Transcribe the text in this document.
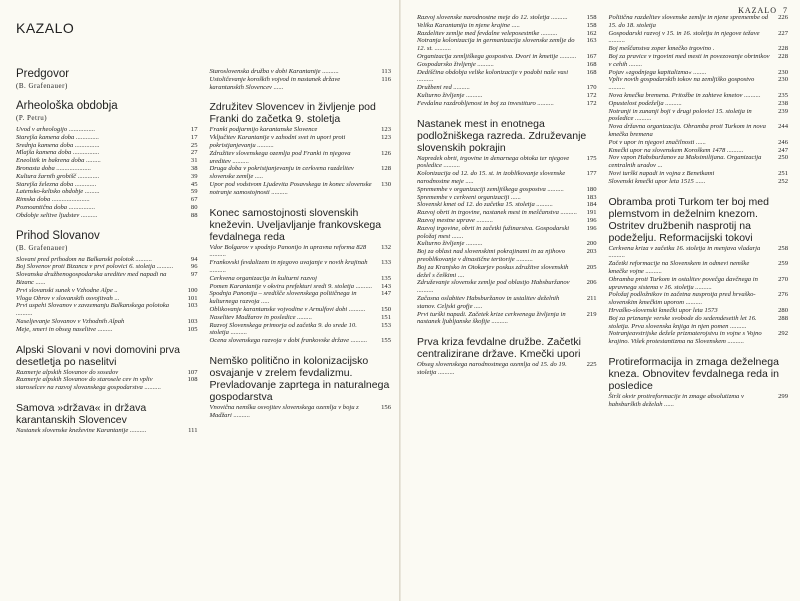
KAZALO
Predgovor
(B. Grafenauer)
Arheološka obdobja
(P. Petru)
Uvod v arheologijo ................	17
Starejša kamena doba ..............	17
Srednja kamena doba ...............	25
Mlajša kamena doba ................	27
Eneolitik in bakrena doba .........	31
Bronasta doba .....................	38
Kultura žarnih grobišč .............	39
Starejša železna doba .............	45
Latensko-keltsko obdobje .........	59
Rimska doba .......................	67
Poznoantična doba ................	80
Obdobje selitve ljudstev ..........	88
Prihod Slovanov
(B. Grafenauer)
Slovani pred prihodom na Balkanski polotok ..........	94
Boj Slovenov proti Bizancu v prvi polovici 6. stoletja ..........	96
Slovanska družbenogospodarska ureditev med napadi na Bizanc ......
97
Prvi slovanski sunek v Vzhodne Alpe ..	100
Vloga Obrov v slovanskih osvojitvah ...	101
Prvi uspehi Slovanov v zavzemanju Balkanskega polotoka ..........
103
Naseljevanje Slovanov v Vzhodnih Alpah	103
Meje, smeri in obseg naselitve .........	105
Alpski Slovani v novi domovini prva desetletja po naselitvi
Razmerje alpskih Slovanov do sosedov	107
Razmerje alpskih Slovanov do starosele cev in vpliv staroselcev na razvoj slovanskega gospodarstva ..........
108
Samova »država« in država karantanskih Slovencev
Nastanek slovenske kneževine Karantanije ..........	111
Staroslovenska družba v dobi Karantanije ..........	113
Ustoličevanje koroških vojvod in nastanek države karantanskih Slovencev ......
116
Združitev Slovencev in življenje pod Franki do začetka 9. stoletja
Franki podjarmijo karantanske Slovence	123
Vključitev Karantanije v zahodni svet in upori proti pokristjanjevanju ..........
123
Združitev slovenskega ozemlja pod Franki in njegova ureditev ..........
126
Druga doba v pokristjanjevanju in cerkvena razdelitev slovenske zemlje .....
128
Upor pod vodstvom Ljudevita Posavskega in konec slovenske notranje samostojnosti ..........
130
Konec samostojnosti slovenskih kneževin. Uveljavljanje frankovskega fevdalnega reda
Vdor Bolgarov v spodnjo Panonijo in upravna reforma 828 ..........
132
Frankovski fevdalizem in njegovo uvajanje v novih krajinah ..........
133
Cerkvena organizacija in kulturni razvoj	135
Pomen Karantanije v okviru prefekturi sredi 9. stoletja ..........	143
Spodnja Panonija – središče slovenskega političnega in kulturnega razvoja .....
147
Oblikovanje karantanske vojvodine v Arnulfovi dobi ..........	150
Naselitev Madžarov in posledice .........	151
Razvoj Slovenskega primorja od začetka 9. do srede 10. stoletja ..........
153
Ocena slovenskega razvoja v dobi frankovske države ..........	155
Nemško politično in kolonizacijsko osvajanje v zrelem fevdalizmu. Prevladovanje zaprtega in naturalnega gospodarstva
Vnovična nemška osvojitev slovenskega ozemlja v boju z Madžari ..........
156
KAZALO 7
Razvoj slovenske narodnostne meje do 12. stoletja ..........	158
Velika Karantanija in njene krajine .....	158
Razdelitev zemlje med fevdalne veleposestnike ..........	162
Notranja kolonizacija in germanizacija slovenske zemlje do 12. st. ..........
163
Organizacija zemljiškega gospostva. Dvori in kmetije ..........	167
Gospodarsko življenje ..........	168
Dediščina obdobja velike kolonizacije v podobi naše vasi ..........
168
Družbeni red ..........	170
Kulturno življenje ..........	172
Fevdalna razdrobljenost in boj za investituro ..........	172
Nastanek mest in enotnega podložniškega razreda. Združevanje slovenskih pokrajin
Napredek obrti, trgovine in denarnega obtoka ter njegove posledice ..........
175
Kolonizacija od 12. do 15. st. in izoblikovanje slovenske narodnostne meje .....
177
Spremembe v organizaciji zemljiškega gospostva ..........	180
Spremembe v cerkveni organizaciji ......	183
Slovenski kmet od 12. do začetka 15. stoletja ..........	184
Razvoj obrti in trgovine, nastanek mest in meščanstva ..........	191
Razvoj mestne uprave ..........	196
Razvoj trgovine, obrti in začetki fužinarstva. Gospodarski položaj mest .......
196
Kulturno življenje ..........	200
Boj za oblast nad slovenskimi pokrajinami in za njihovo preoblikovanje v dinastične teritorije ..........
203
Boj za Kranjsko in Otokarjev poskus združitve slovenskih dežel s češkimi ....
205
Združevanje slovenske zemlje pod oblastjo Habsburžanov ..........
206
Začasna oslabitev Habsburžanov in ustalitev deželnih stanov. Celjski grofje .....
211
Prvi turški napadi. Začetek krize cerkvenega življenja in nastanek ljubljanske škofije ..........
219
Prva kriza fevdalne družbe. Začetki centralizirane države. Kmečki upori
Obseg slovenskega narodnostnega ozemlja od 15. do 19. stoletja ..........
225
Politična razdelitev slovenske zemlje in njene spremembe od 15. do 18. stoletja
226
Gospodarski razvoj v 15. in 16. stoletju in njegove težave ..........
227
Boj meščanstva zoper kmečko trgovino .	228
Boj za pravice v trgovini med mesti in povezovanje obrtnikov v cehih ........
228
Pojav »zgodnjega kapitalizma« ........	230
Vpliv novih gospodarskih tokov na zemljiško gospostvo ..........
230
Nova kmečka bremena. Pritožbe in zahteve kmetov ..........	235
Opustelost podeželja ..........	238
Notranji in zunanji boji v drugi polovici 15. stoletja in posledice ..........
239
Nova državna organizacija. Obramba proti Turkom in nova kmečka bremena
244
Pot v upor in njegovi značilnosti ......	246
Kmečki upor na slovenskem Koroškem 1478 ..........	247
Nov vzpon Habsburžanov za Maksimilijana. Organizacija centralnih uradov ...
250
Novi turški napadi in vojna z Benetkami	251
Slovenski kmečki upor leta 1515 ......	252
Obramba proti Turkom ter boj med plemstvom in deželnim knezom. Ostritev družbenih nasprotij na podeželju. Reformacijski tokovi
Cerkvena kriza v začetku 16. stoletja in menjava vladarja ..........
258
Začetki reformacije na Slovenskem in odmevi nemške kmečke vojne ..........
259
Obramba proti Turkom in ostalitev povečga davčnega in upravnega sistema v 16. stoletju ..........
270
Položaj podložnikov in začetna nasprotja pred hrvaško-slovenskim kmečkim uporom ..........
276
Hrvaško-slovenski kmečki upor leta 1573	280
Boj za priznanje verske svobode do sedemdesetih let 16. stoletja. Prva slovenska knjiga in njen pomen ..........
288
Notranjeavstrijske dežele prizmaterojstvu in vojne s Vojno krajino. Višek protestantizma na Slovenskem ..........
292
Protireformacija in zmaga deželnega kneza. Obnovitev fevdalnega reda in posledice
Širši okvir protireformacije in zmage absolutizma v habsburških deželah ......
299
